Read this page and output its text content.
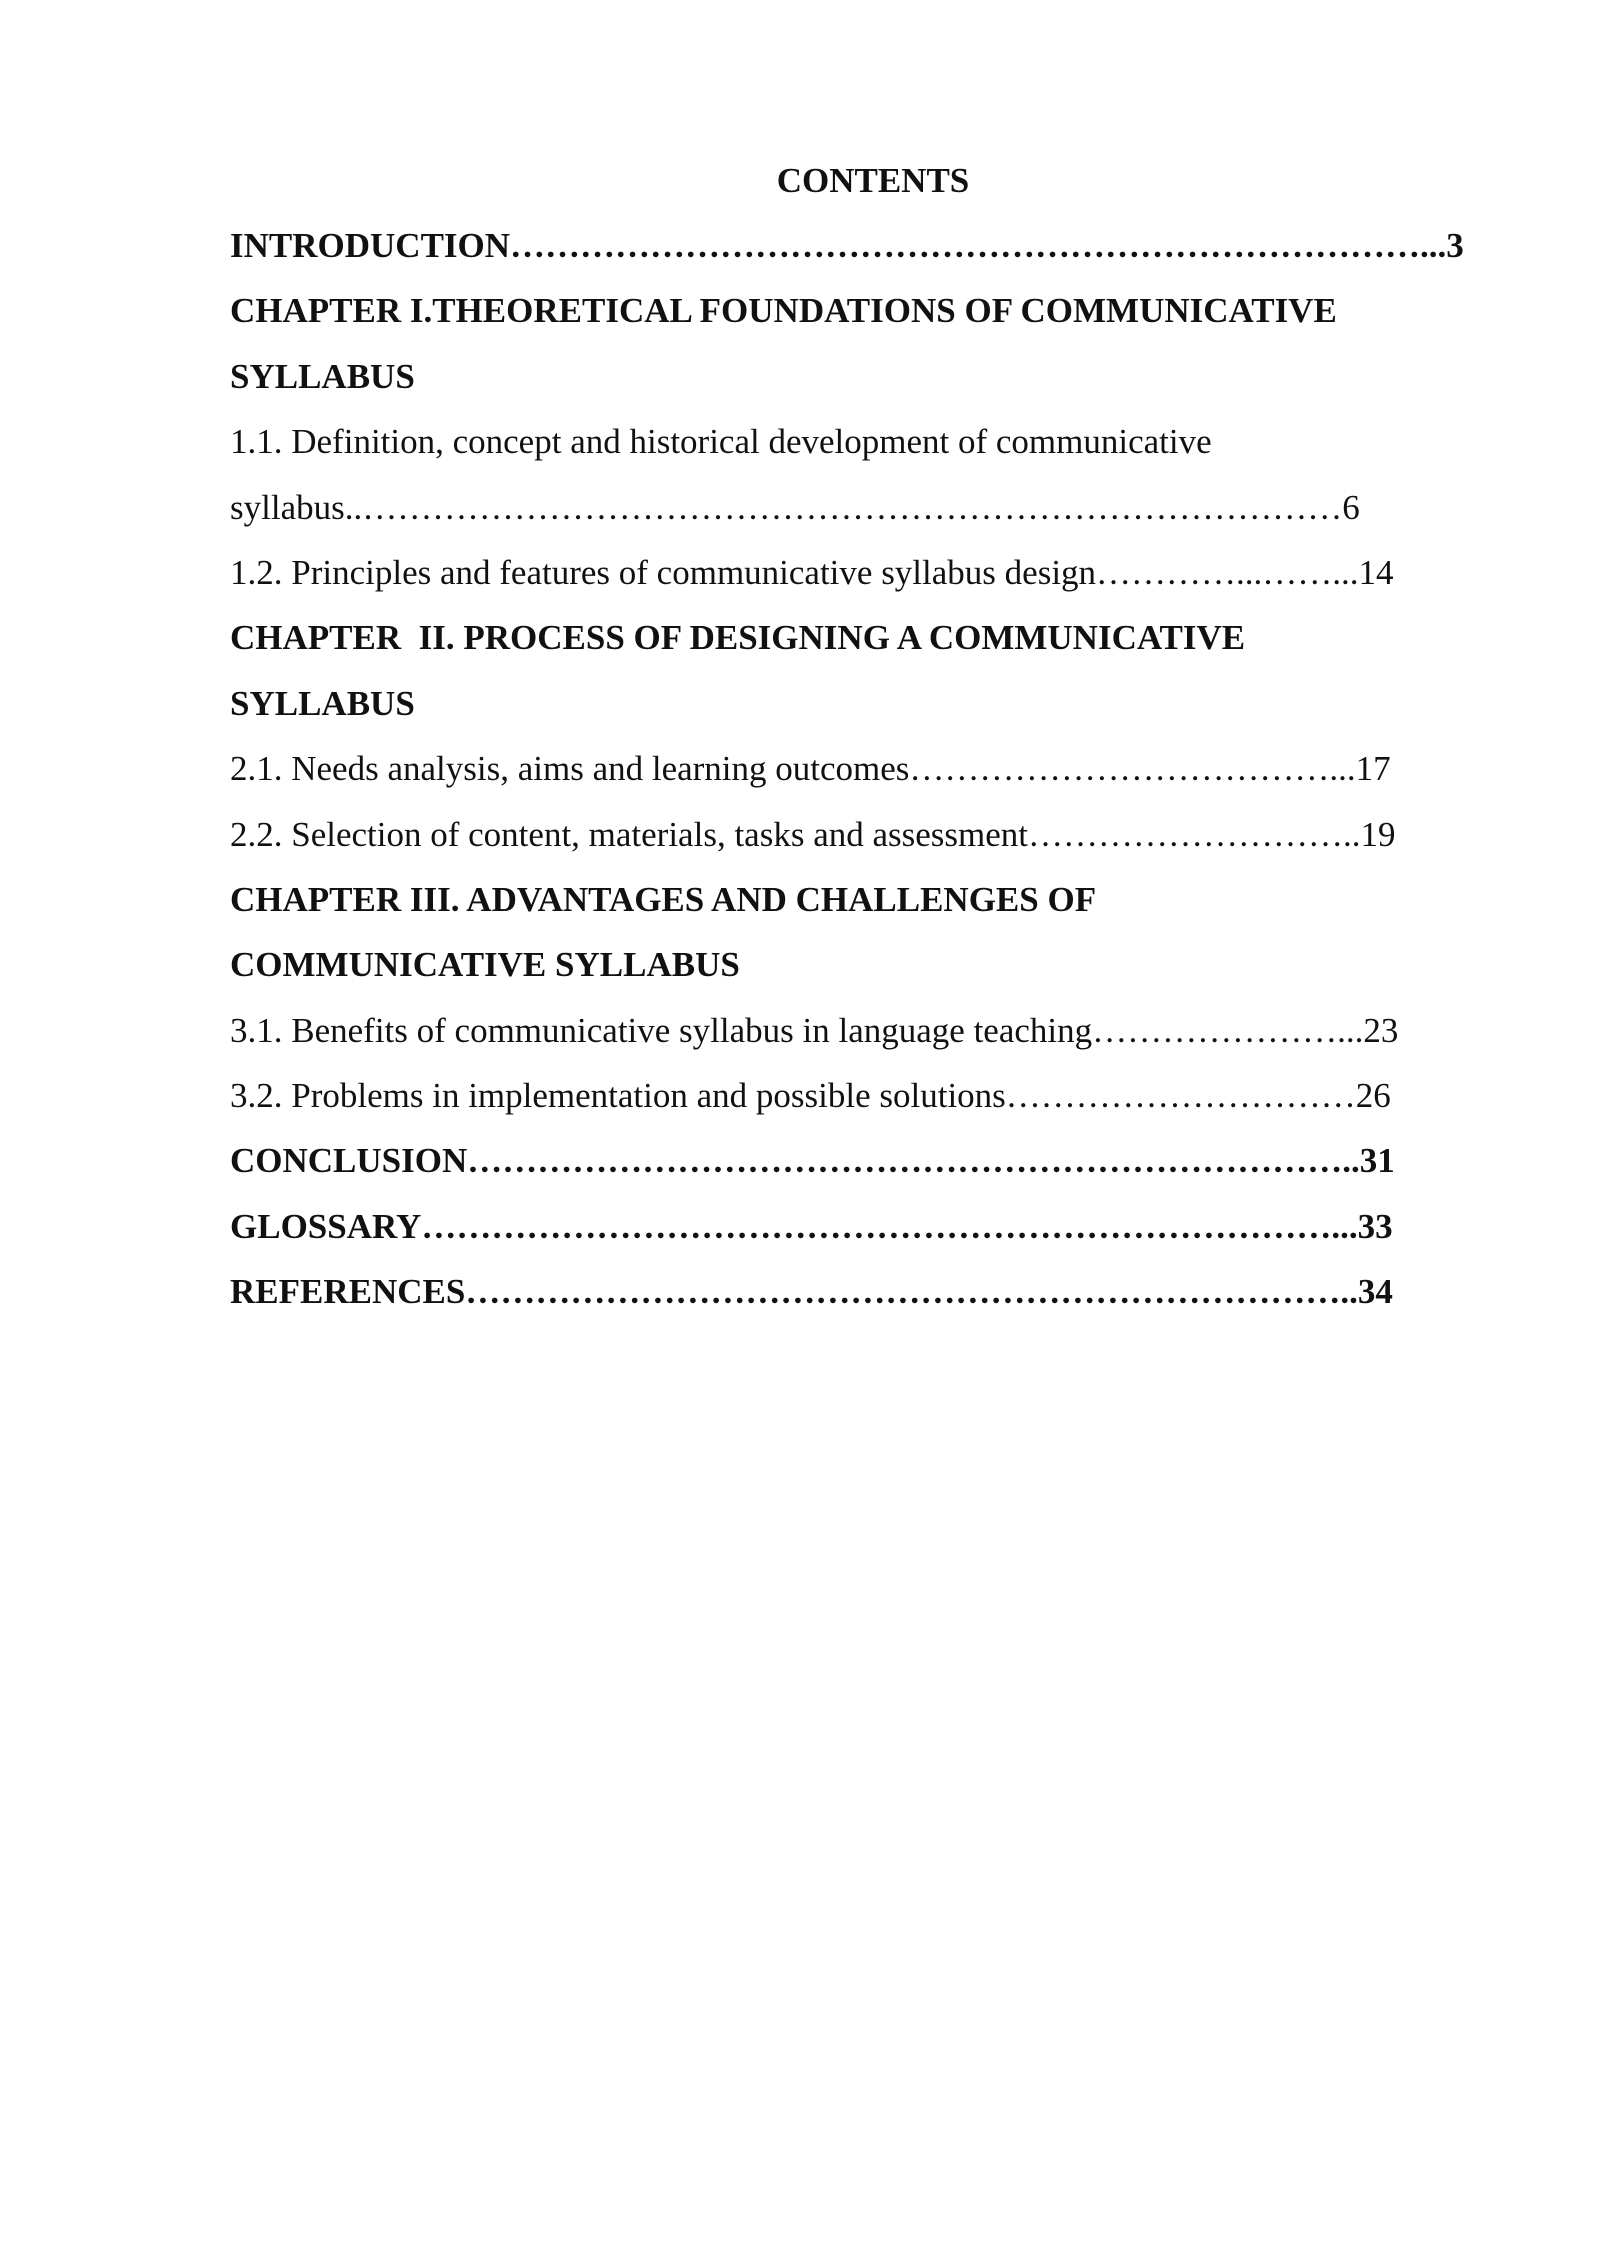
CONTENTS
INTRODUCTION……………………………………………………………………...3
CHAPTER I.THEORETICAL FOUNDATIONS OF COMMUNICATIVE
SYLLABUS
1.1. Definition, concept and historical development of communicative
syllabus..…………………………………………………………………………6
1.2. Principles and features of communicative syllabus design…………...……...14
CHAPTER  II. PROCESS OF DESIGNING A COMMUNICATIVE
SYLLABUS
2.1. Needs analysis, aims and learning outcomes………………………………...17
2.2. Selection of content, materials, tasks and assessment………………………..19
CHAPTER III. ADVANTAGES AND CHALLENGES OF
COMMUNICATIVE SYLLABUS
3.1. Benefits of communicative syllabus in language teaching…………………...23
3.2. Problems in implementation and possible solutions…………………………26
CONCLUSION…………………………………………………………………..31
GLOSSARY……………………………………………………………………...33
REFERENCES…………………………………………………………………..34
